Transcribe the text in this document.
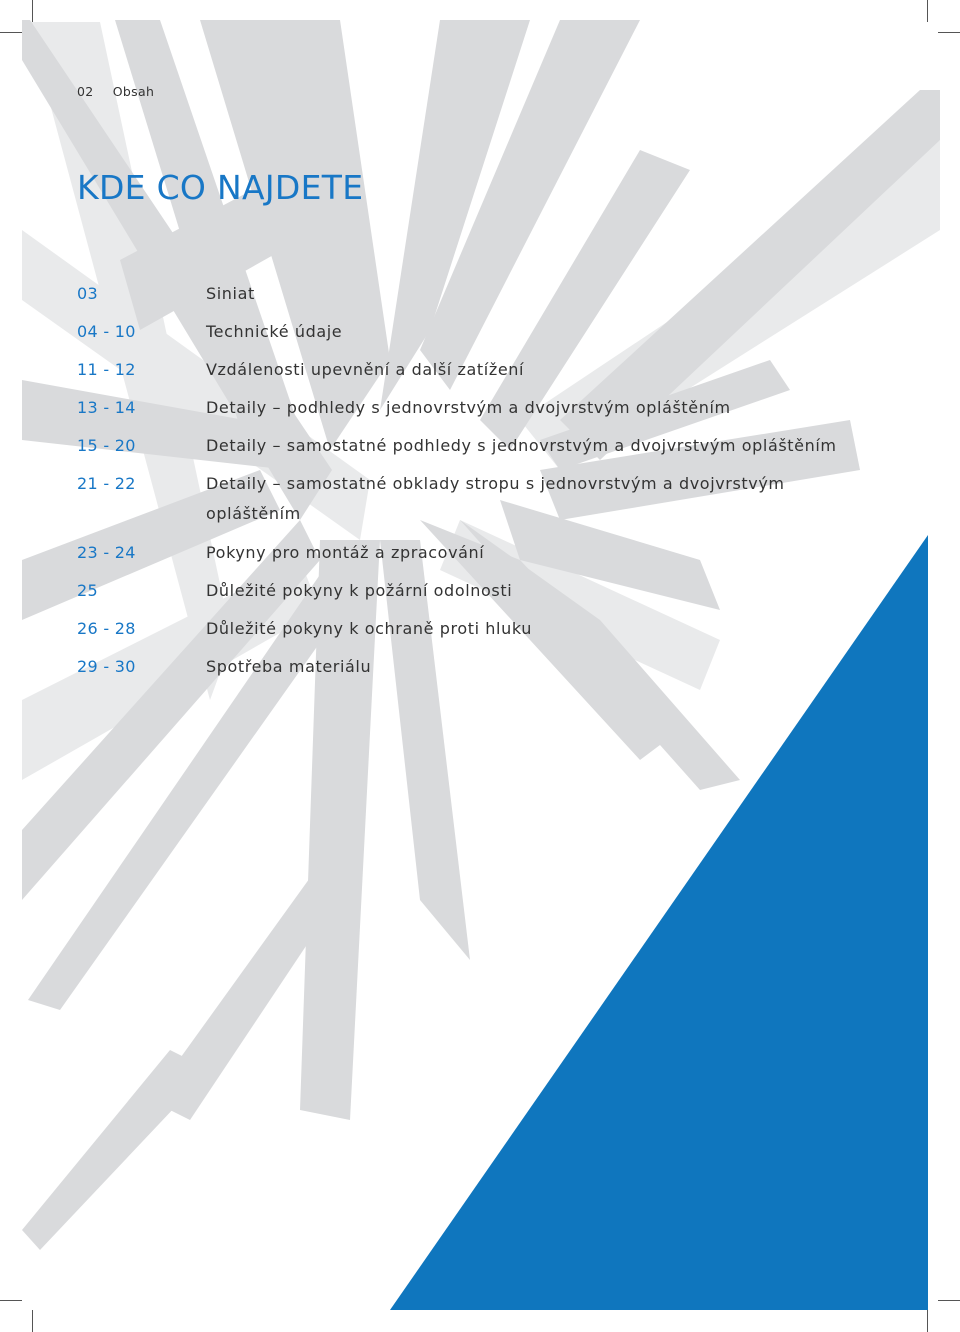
02 Obsah
KDE CO NAJDETE
03	Siniat
04 - 10	Technické údaje
11 - 12	Vzdálenosti upevnění a další zatížení
13 - 14	Detaily – podhledy s jednovrstvým a dvojvrstvým opláštěním
15 - 20	Detaily – samostatné podhledy s jednovrstvým a dvojvrstvým opláštěním
21 - 22	Detaily – samostatné obklady stropu s jednovrstvým a dvojvrstvým opláštěním
23 - 24	Pokyny pro montáž a zpracování
25	Důležité pokyny k požární odolnosti
26 - 28	Důležité pokyny k ochraně proti hluku
29 - 30	Spotřeba materiálu
